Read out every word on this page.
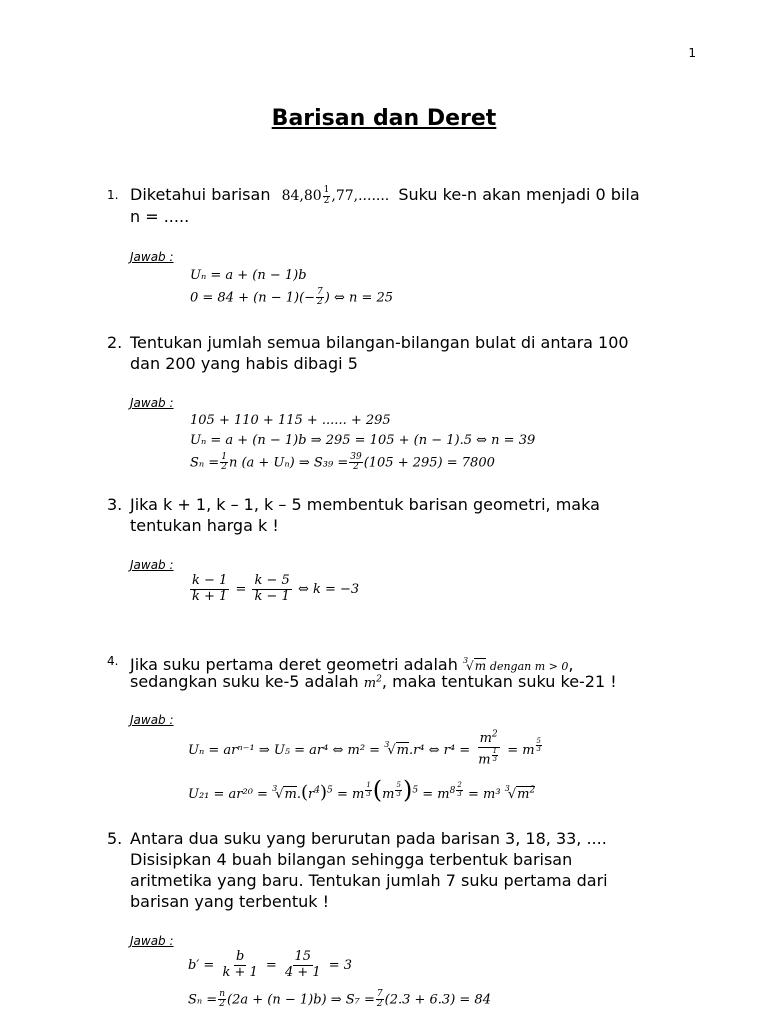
1
Barisan dan Deret
1. Diketahui barisan $84,80 \frac{1}{2} ,77$,....... Suku ke-n akan menjadi 0 bila
n = .....
Jawab :
Uₙ = a + (n − 1)b
$0 = 84 + (n - 1)(- \frac{7}{2}$ ) ⇔ n = 25
2. Tentukan jumlah semua bilangan-bilangan bulat di antara 100
dan 200 yang habis dibagi 5
Jawab :
105 + 110 + 115 + ...... + 295
Uₙ = a + (n − 1)b ⇒ 295 = 105 + (n − 1).5 ⇔ n = 39
$S_n = \frac{1}{2}$ n (a + Uₙ) ⇒ $S_{39} = \frac{39}{2} (105 + 295) = 7800$
3. Jika k + 1, k – 1, k – 5 membentuk barisan geometri, maka
tentukan harga k !
Jawab :
$\frac{k - 1}{k + 1} = \frac{k - 5}{k - 1}$ ⇔ k = −3
4. Jika suku pertama deret geometri adalah $^3$√m dengan m > 0,
sedangkan suku ke-5 adalah $m^2$, maka tentukan suku ke-21 !
Jawab :
Uₙ = arⁿ⁻¹ ⇒ U₅ = ar⁴ ⇔ m² = $^3$√m.r⁴ ⇔ $r^4 = m^2$
m $^{\frac{1}{3}}$ = m $^{\frac{5}{3}}$
$U_{21} = ar^{20} = ^3√m.(r^4)^5 = m$ $^{\frac{1}{3}}$ (m $^{\frac{5}{3}}$ )$^5 = m^{8 \frac{2}{3}} = m^3$ $^3√m^2$
5. Antara dua suku yang berurutan pada barisan 3, 18, 33, ....
Disisipkan 4 buah bilangan sehingga terbentuk barisan
aritmetika yang baru. Tentukan jumlah 7 suku pertama dari
barisan yang terbentuk !
Jawab :
$b' = \frac{b}{k + 1} = \frac{15}{4 + 1} = 3$
$S_n = \frac{n}{2} (2a + (n - 1)b)$ ⇒ $S_7 = \frac{7}{2} (2.3 + 6.3) = 84$
